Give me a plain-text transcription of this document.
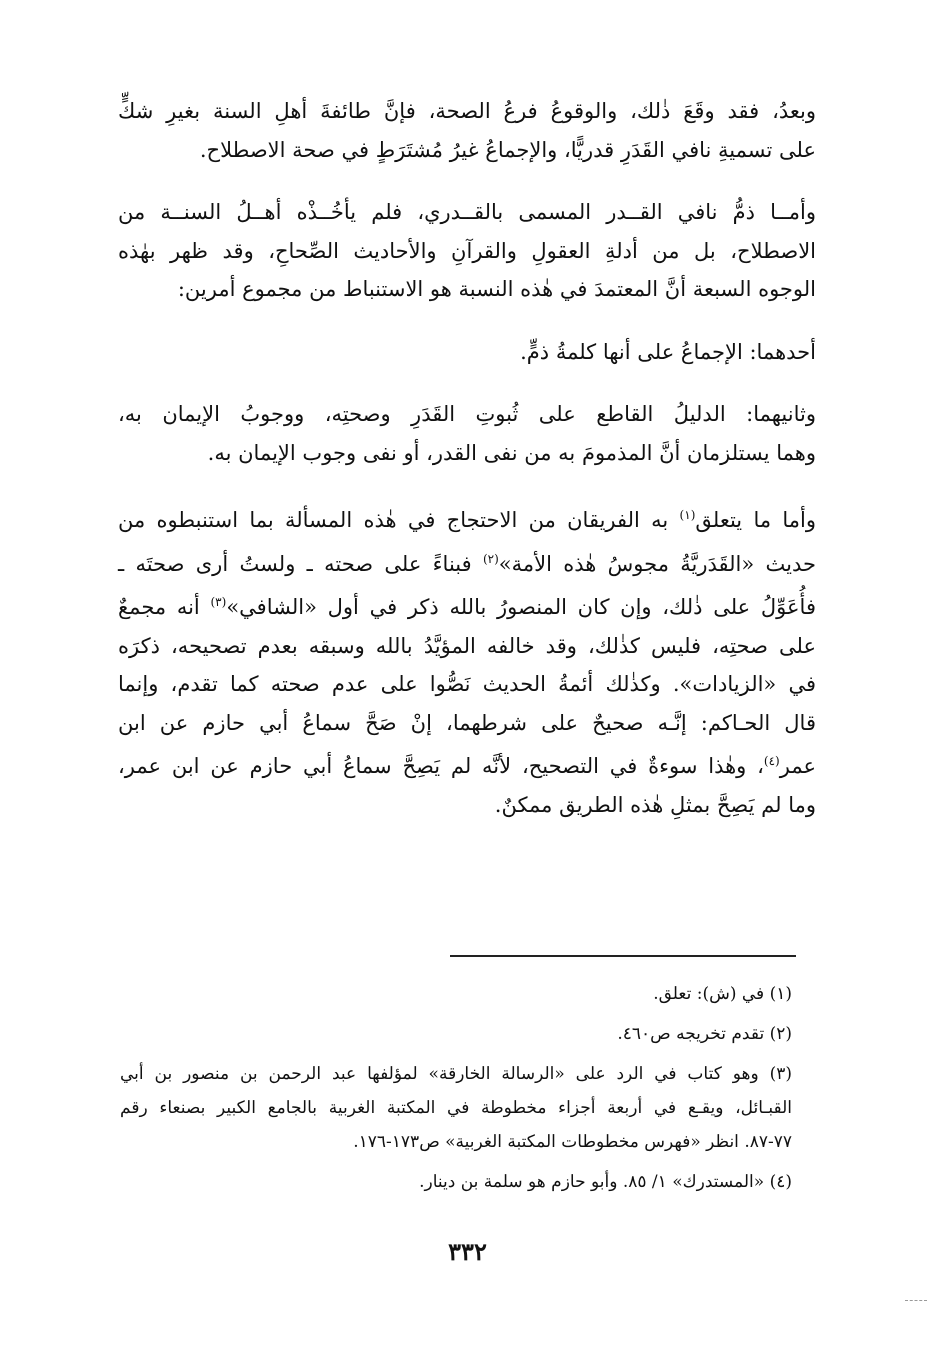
وبعدُ، فقد وقَعَ ذٰلك، والوقوعُ فرعُ الصحة، فإنَّ طائفةَ أهلِ السنة بغيرِ شكٍّ
على تسميةِ نافي القَدَرِ قدريًّا، والإجماعُ غيرُ مُشتَرَطٍ في صحة الاصطلاح.
وأمــا ذمُّ نافي القــدر المسمى بالقــدري، فلم يأخُــذْه أهــلُ السنــة من
الاصطلاح، بل من أدلةِ العقولِ والقرآنِ والأحاديث الصِّحاحِ، وقد ظهر بهٰذه
الوجوه السبعة أنَّ المعتمدَ في هٰذه النسبة هو الاستنباط من مجموع أمرين:
أحدهما: الإجماعُ على أنها كلمةُ ذمٍّ.
وثانيهما: الدليلُ القاطع على ثُبوتِ القَدَرِ وصحتِه، ووجوبُ الإيمان به،
وهما يستلزمان أنَّ المذمومَ به من نفى القدر، أو نفى وجوب الإيمان به.
وأما ما يتعلق$^{(١)}$ به الفريقان من الاحتجاج في هٰذه المسألة بما استنبطوه من
حديث «القَدَريَّةُ مجوسُ هٰذه الأمة»$^{(٢)}$ فبناءً على صحته ـ ولستُ أرى صحتَه ـ
فأُعَوِّلُ على ذٰلك، وإن كان المنصورُ بالله ذكر في أول «الشافي»$^{(٣)}$ أنه مجمعٌ
على صحتِه، فليس كذٰلك، وقد خالفه المؤيَّدُ بالله وسبقه بعدم تصحيحه، ذكرَه
في «الزيادات». وكذٰلك أئمةُ الحديث نَصُّوا على عدم صحته كما تقدم، وإنما
قال الحـاكم: إنَّـه صحيحٌ على شرطهما، إنْ صَحَّ سماعُ أبي حازم عن ابن
عمر$^{(٤)}$، وهٰذا سوءةٌ في التصحيح، لأنَّه لم يَصِحَّ سماعُ أبي حازم عن ابن عمر،
وما لم يَصِحَّ بمثلِ هٰذه الطريق ممكنٌ.
(١) في (ش): تعلق.
(٢) تقدم تخريجه ص٤٦٠.
(٣) وهو كتاب في الرد على «الرسالة الخارقة» لمؤلفها عبد الرحمن بن منصور بن أبي
القبـائل، ويقـع في أربعة أجزاء مخطوطة في المكتبة الغربية بالجامع الكبير بصنعاء رقم
٧٧-٨٧. انظر «فهرس مخطوطات المكتبة الغربية» ص١٧٣-١٧٦.
(٤) «المستدرك» ١/ ٨٥. وأبو حازم هو سلمة بن دينار.
٣٣٢
